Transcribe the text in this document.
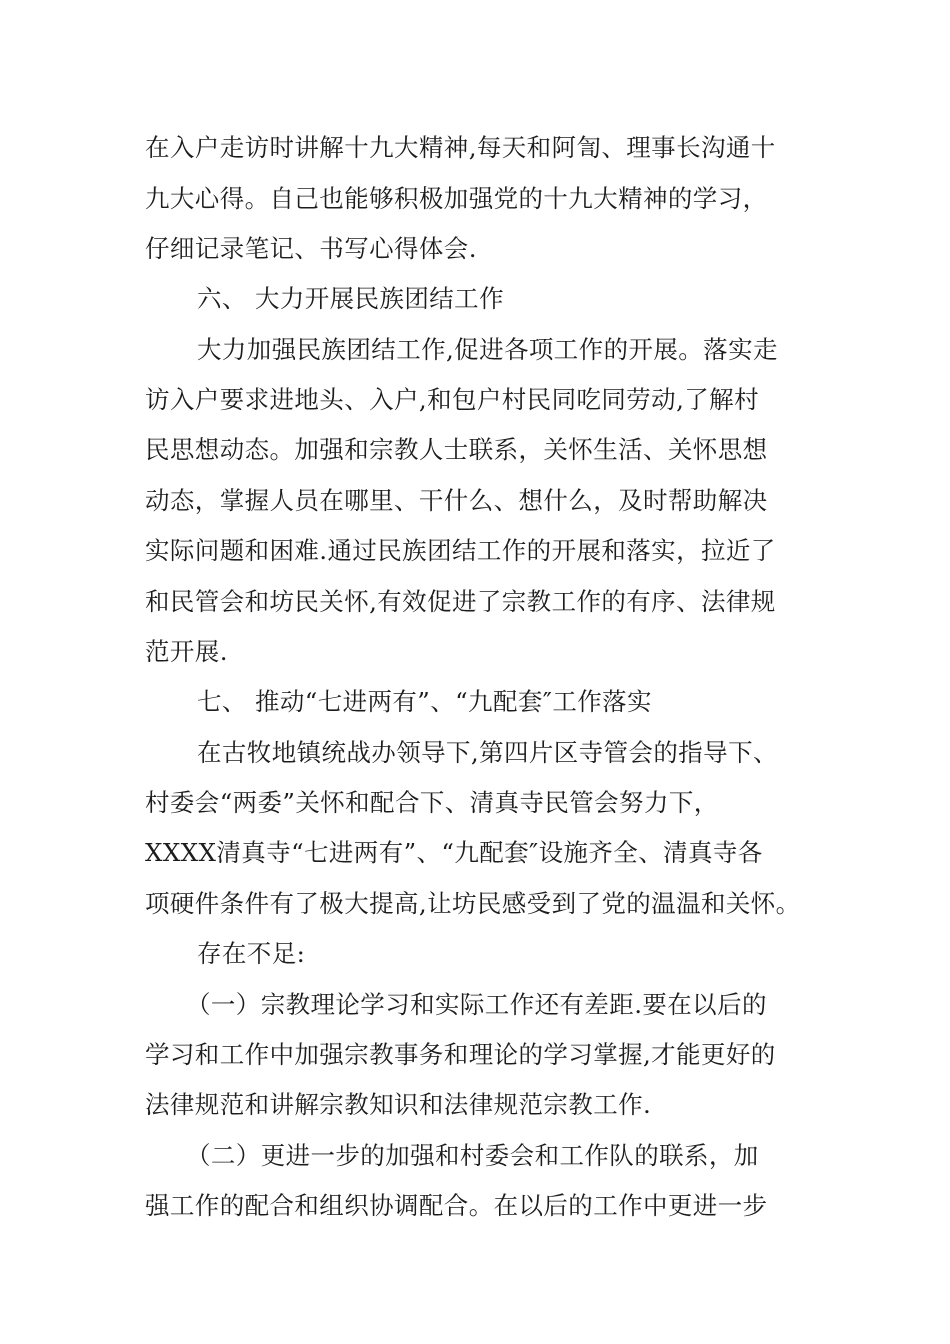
在入户走访时讲解十九大精神,每天和阿訇、理事长沟通十

九大心得。自己也能够积极加强党的十九大精神的学习，

仔细记录笔记、书写心得体会.

六、 大力开展民族团结工作

大力加强民族团结工作,促进各项工作的开展。落实走

访入户要求进地头、入户,和包户村民同吃同劳动,了解村

民思想动态。加强和宗教人士联系，关怀生活、关怀思想

动态，掌握人员在哪里、干什么、想什么，及时帮助解决

实际问题和困难.通过民族团结工作的开展和落实，拉近了

和民管会和坊民关怀,有效促进了宗教工作的有序、法律规

范开展.

七、 推动“七进两有”、“九配套″工作落实

在古牧地镇统战办领导下,第四片区寺管会的指导下、

村委会“两委”关怀和配合下、清真寺民管会努力下，

XXXX清真寺“七进两有”、“九配套″设施齐全、清真寺各

项硬件条件有了极大提高,让坊民感受到了党的温温和关怀。

存在不足:

（一）宗教理论学习和实际工作还有差距.要在以后的

学习和工作中加强宗教事务和理论的学习掌握,才能更好的

法律规范和讲解宗教知识和法律规范宗教工作.

（二）更进一步的加强和村委会和工作队的联系，加

强工作的配合和组织协调配合。在以后的工作中更进一步
